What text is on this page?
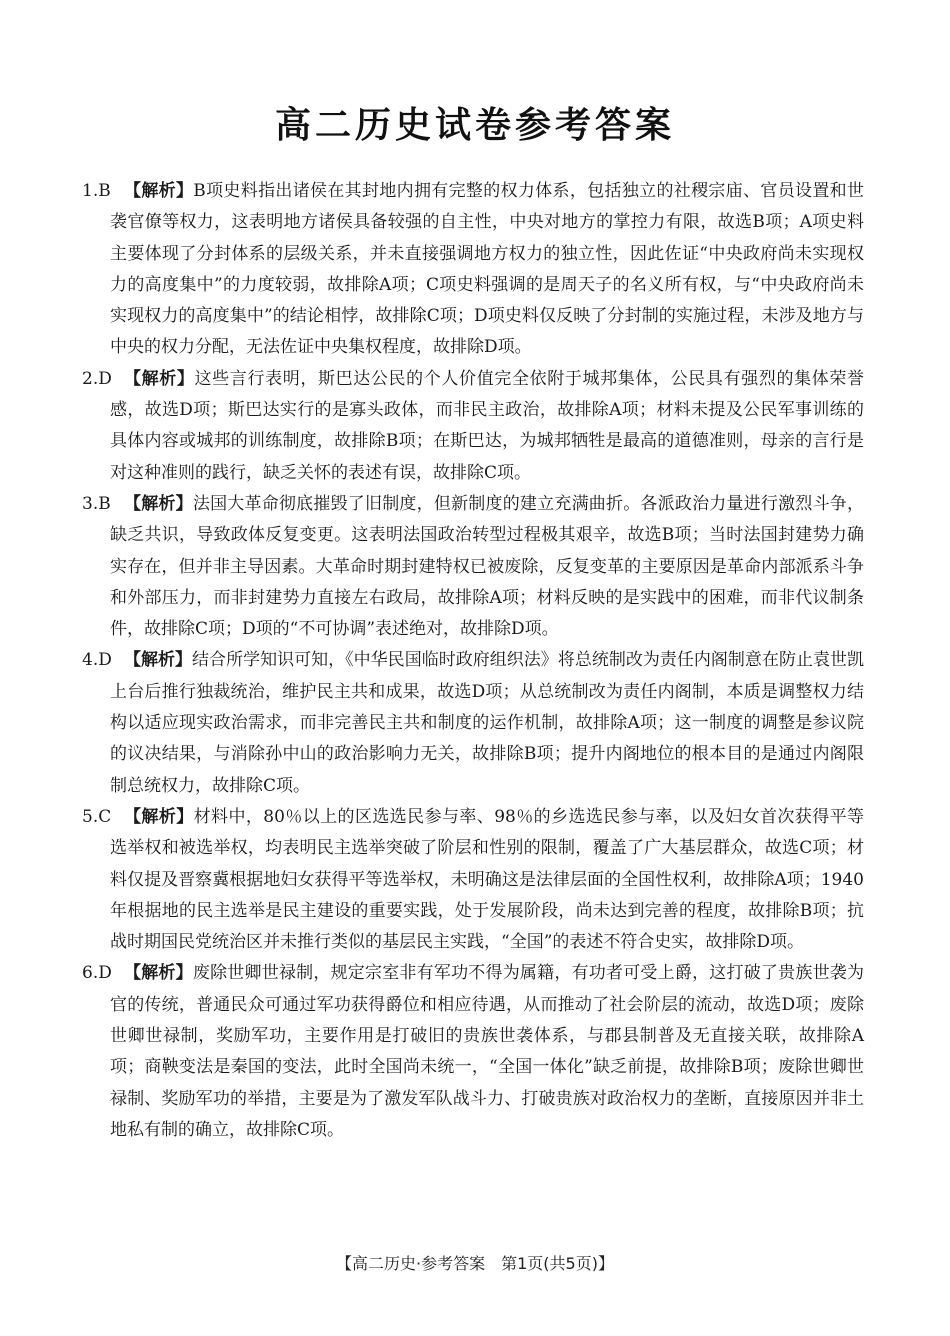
高二历史试卷参考答案
1.B 【解析】B项史料指出诸侯在其封地内拥有完整的权力体系，包括独立的社稷宗庙、官员设置和世袭官僚等权力，这表明地方诸侯具备较强的自主性，中央对地方的掌控力有限，故选B项；A项史料主要体现了分封体系的层级关系，并未直接强调地方权力的独立性，因此佐证“中央政府尚未实现权力的高度集中”的力度较弱，故排除A项；C项史料强调的是周天子的名义所有权，与“中央政府尚未实现权力的高度集中”的结论相悖，故排除C项；D项史料仅反映了分封制的实施过程，未涉及地方与中央的权力分配，无法佐证中央集权程度，故排除D项。
2.D 【解析】这些言行表明，斯巴达公民的个人价值完全依附于城邦集体，公民具有强烈的集体荣誉感，故选D项；斯巴达实行的是寡头政体，而非民主政治，故排除A项；材料未提及公民军事训练的具体内容或城邦的训练制度，故排除B项；在斯巴达，为城邦牺牲是最高的道德准则，母亲的言行是对这种准则的践行，缺乏关怀的表述有误，故排除C项。
3.B 【解析】法国大革命彻底摧毁了旧制度，但新制度的建立充满曲折。各派政治力量进行激烈斗争，缺乏共识，导致政体反复变更。这表明法国政治转型过程极其艰辛，故选B项；当时法国封建势力确实存在，但并非主导因素。大革命时期封建特权已被废除，反复变革的主要原因是革命内部派系斗争和外部压力，而非封建势力直接左右政局，故排除A项；材料反映的是实践中的困难，而非代议制条件，故排除C项；D项的“不可协调”表述绝对，故排除D项。
4.D 【解析】结合所学知识可知，《中华民国临时政府组织法》将总统制改为责任内阁制意在防止袁世凯上台后推行独裁统治，维护民主共和成果，故选D项；从总统制改为责任内阁制，本质是调整权力结构以适应现实政治需求，而非完善民主共和制度的运作机制，故排除A项；这一制度的调整是参议院的议决结果，与消除孙中山的政治影响力无关，故排除B项；提升内阁地位的根本目的是通过内阁限制总统权力，故排除C项。
5.C 【解析】材料中，80％以上的区选选民参与率、98％的乡选选民参与率，以及妇女首次获得平等选举权和被选举权，均表明民主选举突破了阶层和性别的限制，覆盖了广大基层群众，故选C项；材料仅提及晋察冀根据地妇女获得平等选举权，未明确这是法律层面的全国性权利，故排除A项；1940年根据地的民主选举是民主建设的重要实践，处于发展阶段，尚未达到完善的程度，故排除B项；抗战时期国民党统治区并未推行类似的基层民主实践，“全国”的表述不符合史实，故排除D项。
6.D 【解析】废除世卿世禄制，规定宗室非有军功不得为属籍，有功者可受上爵，这打破了贵族世袭为官的传统，普通民众可通过军功获得爵位和相应待遇，从而推动了社会阶层的流动，故选D项；废除世卿世禄制，奖励军功，主要作用是打破旧的贵族世袭体系，与郡县制普及无直接关联，故排除A项；商鞅变法是秦国的变法，此时全国尚未统一，“全国一体化”缺乏前提，故排除B项；废除世卿世禄制、奖励军功的举措，主要是为了激发军队战斗力、打破贵族对政治权力的垄断，直接原因并非土地私有制的确立，故排除C项。
【高二历史·参考答案　第1页(共5页)】
